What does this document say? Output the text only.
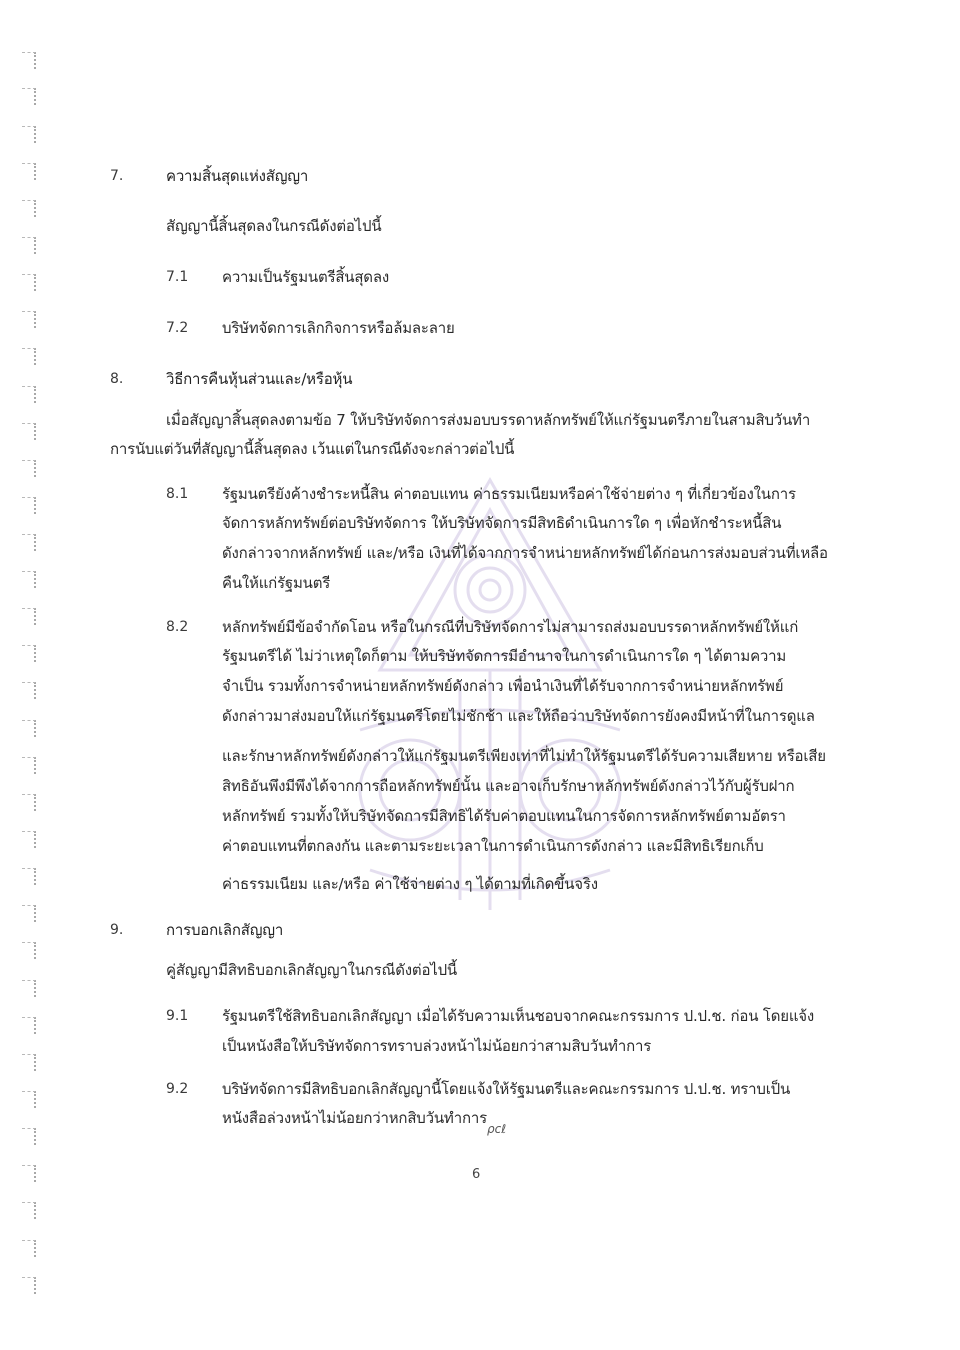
7.	ความสิ้นสุดแห่งสัญญา
สัญญานี้สิ้นสุดลงในกรณีดังต่อไปนี้
7.1 ความเป็นรัฐมนตรีสิ้นสุดลง
7.2 บริษัทจัดการเลิกกิจการหรือล้มละลาย
8.	วิธีการคืนหุ้นส่วนและ/หรือหุ้น
เมื่อสัญญาสิ้นสุดลงตามข้อ 7 ให้บริษัทจัดการส่งมอบบรรดาหลักทรัพย์ให้แก่รัฐมนตรีภายในสามสิบวันทำ
การนับแต่วันที่สัญญานี้สิ้นสุดลง เว้นแต่ในกรณีดังจะกล่าวต่อไปนี้
8.1 รัฐมนตรียังค้างชำระหนี้สิน ค่าตอบแทน ค่าธรรมเนียมหรือค่าใช้จ่ายต่าง ๆ ที่เกี่ยวข้องในการ
จัดการหลักทรัพย์ต่อบริษัทจัดการ ให้บริษัทจัดการมีสิทธิดำเนินการใด ๆ เพื่อหักชำระหนี้สิน
ดังกล่าวจากหลักทรัพย์ และ/หรือ เงินที่ได้จากการจำหน่ายหลักทรัพย์ได้ก่อนการส่งมอบส่วนที่เหลือ
คืนให้แก่รัฐมนตรี
8.2 หลักทรัพย์มีข้อจำกัดโอน หรือในกรณีที่บริษัทจัดการไม่สามารถส่งมอบบรรดาหลักทรัพย์ให้แก่
รัฐมนตรีได้ ไม่ว่าเหตุใดก็ตาม ให้บริษัทจัดการมีอำนาจในการดำเนินการใด ๆ ได้ตามความ
จำเป็น รวมทั้งการจำหน่ายหลักทรัพย์ดังกล่าว เพื่อนำเงินที่ได้รับจากการจำหน่ายหลักทรัพย์
ดังกล่าวมาส่งมอบให้แก่รัฐมนตรีโดยไม่ชักช้า และให้ถือว่าบริษัทจัดการยังคงมีหน้าที่ในการดูแล
และรักษาหลักทรัพย์ดังกล่าวให้แก่รัฐมนตรีเพียงเท่าที่ไม่ทำให้รัฐมนตรีได้รับความเสียหาย หรือเสีย
สิทธิอันพึงมีพึงได้จากการถือหลักทรัพย์นั้น และอาจเก็บรักษาหลักทรัพย์ดังกล่าวไว้กับผู้รับฝาก
หลักทรัพย์ รวมทั้งให้บริษัทจัดการมีสิทธิได้รับค่าตอบแทนในการจัดการหลักทรัพย์ตามอัตรา
ค่าตอบแทนที่ตกลงกัน และตามระยะเวลาในการดำเนินการดังกล่าว และมีสิทธิเรียกเก็บ
ค่าธรรมเนียม และ/หรือ ค่าใช้จ่ายต่าง ๆ ได้ตามที่เกิดขึ้นจริง
9.	การบอกเลิกสัญญา
คู่สัญญามีสิทธิบอกเลิกสัญญาในกรณีดังต่อไปนี้
9.1 รัฐมนตรีใช้สิทธิบอกเลิกสัญญา เมื่อได้รับความเห็นชอบจากคณะกรรมการ ป.ป.ช. ก่อน โดยแจ้ง
เป็นหนังสือให้บริษัทจัดการทราบล่วงหน้าไม่น้อยกว่าสามสิบวันทำการ
9.2 บริษัทจัดการมีสิทธิบอกเลิกสัญญานี้โดยแจ้งให้รัฐมนตรีและคณะกรรมการ ป.ป.ช. ทราบเป็น
หนังสือล่วงหน้าไม่น้อยกว่าหกสิบวันทำการ
ρcℓ
6
